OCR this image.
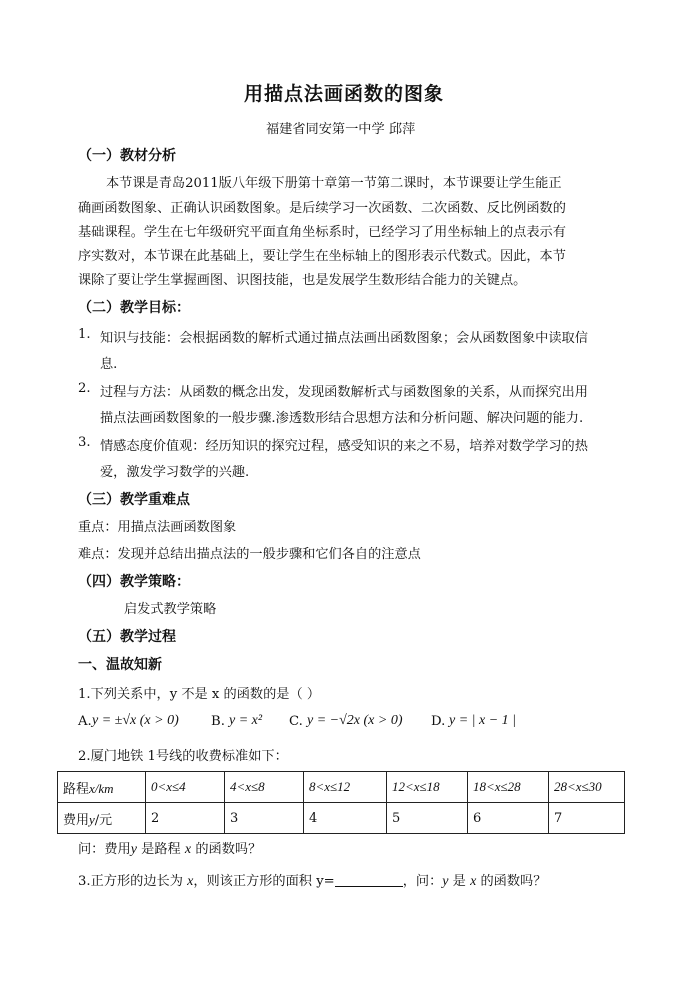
用描点法画函数的图象
福建省同安第一中学 邱萍
（一）教材分析
本节课是青岛2011版八年级下册第十章第一节第二课时，本节课要让学生能正
确画函数图象、正确认识函数图象。是后续学习一次函数、二次函数、反比例函数的
基础课程。学生在七年级研究平面直角坐标系时，已经学习了用坐标轴上的点表示有
序实数对，本节课在此基础上，要让学生在坐标轴上的图形表示代数式。因此，本节
课除了要让学生掌握画图、识图技能，也是发展学生数形结合能力的关键点。
（二）教学目标：
1. 知识与技能：会根据函数的解析式通过描点法画出函数图象；会从函数图象中读取信
息.
2. 过程与方法：从函数的概念出发，发现函数解析式与函数图象的关系，从而探究出用
描点法画函数图象的一般步骤.渗透数形结合思想方法和分析问题、解决问题的能力.
3. 情感态度价值观：经历知识的探究过程，感受知识的来之不易，培养对数学学习的热
爱，激发学习数学的兴趣.
（三）教学重难点
重点：用描点法画函数图象
难点：发现并总结出描点法的一般步骤和它们各自的注意点
（四）教学策略：
启发式教学策略
（五）教学过程
一、温故知新
1.下列关系中，y 不是 x 的函数的是（ ）
A. y = ±√x (x > 0) B. y = x² C. y = −√2x (x > 0) D. y = | x − 1 |
2.厦门地铁 1号线的收费标准如下：
路程x/km	0<x≤4	4<x≤8	8<x≤12	12<x≤18	18<x≤28	28<x≤30
费用y/元	2	3	4	5	6	7
问：费用y 是路程 x 的函数吗？
3.正方形的边长为 x，则该正方形的面积 y=	，问：y 是 x 的函数吗？
